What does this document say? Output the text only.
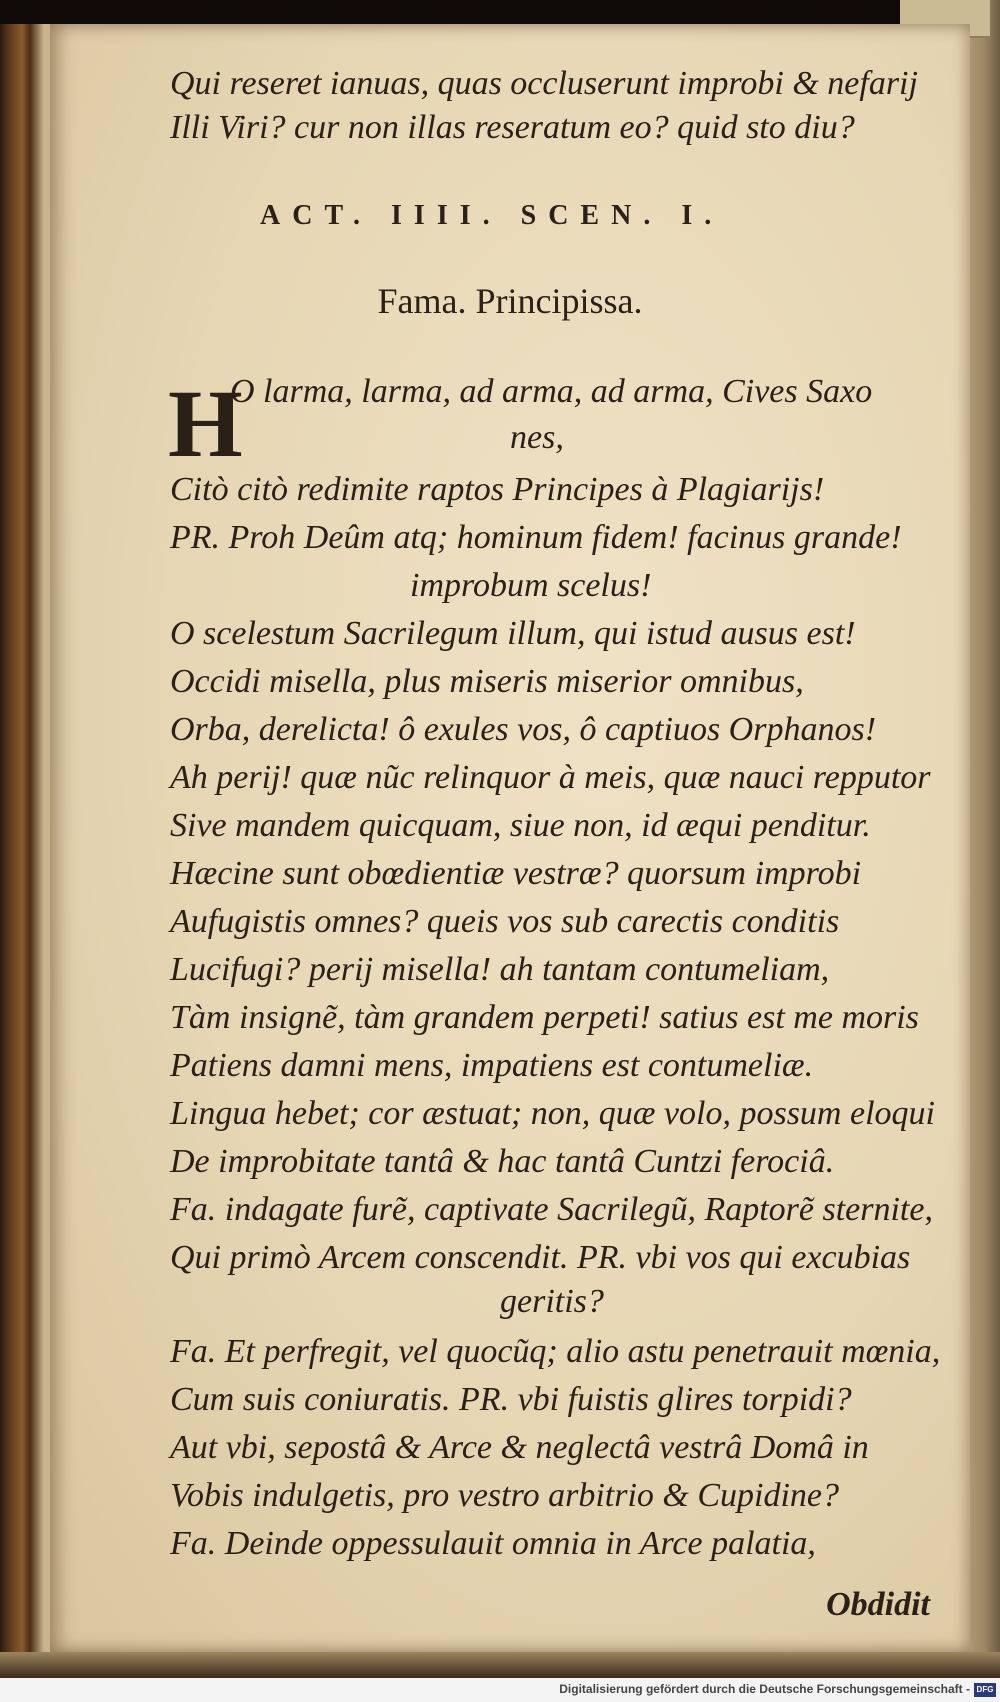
Qui reseret ianuas, quas occluserunt improbi & nefarij
Illi Viri? cur non illas reseratum eo? quid sto diu?
ACT. IIII. SCEN. I.
Fama. Principissa.
H
O larma, larma, ad arma, ad arma, Cives Saxo
nes,
Citò citò redimite raptos Principes à Plagiarijs!
PR. Proh Deûm atq; hominum fidem! facinus grande!
improbum scelus!
O scelestum Sacrilegum illum, qui istud ausus est!
Occidi misella, plus miseris miserior omnibus,
Orba, derelicta! ô exules vos, ô captiuos Orphanos!
Ah perij! quæ nũc relinquor à meis, quæ nauci repputor
Sive mandem quicquam, siue non, id æqui penditur.
Hæcine sunt obœdientiæ vestræ? quorsum improbi
Aufugistis omnes? queis vos sub carectis conditis
Lucifugi? perij misella! ah tantam contumeliam,
Tàm insignẽ, tàm grandem perpeti! satius est me moris
Patiens damni mens, impatiens est contumeliæ.
Lingua hebet; cor æstuat; non, quæ volo, possum eloqui
De improbitate tantâ & hac tantâ Cuntzi ferociâ.
Fa. indagate furẽ, captivate Sacrilegũ, Raptorẽ sternite,
Qui primò Arcem conscendit. PR. vbi vos qui excubias
geritis?
Fa. Et perfregit, vel quocũq; alio astu penetrauit mœnia,
Cum suis coniuratis. PR. vbi fuistis glires torpidi?
Aut vbi, sepostâ & Arce & neglectâ vestrâ Domâ in
Vobis indulgetis, pro vestro arbitrio & Cupidine?
Fa. Deinde oppessulauit omnia in Arce palatia,
Obdidit
Digitalisierung gefördert durch die Deutsche Forschungsgemeinschaft - DFG
